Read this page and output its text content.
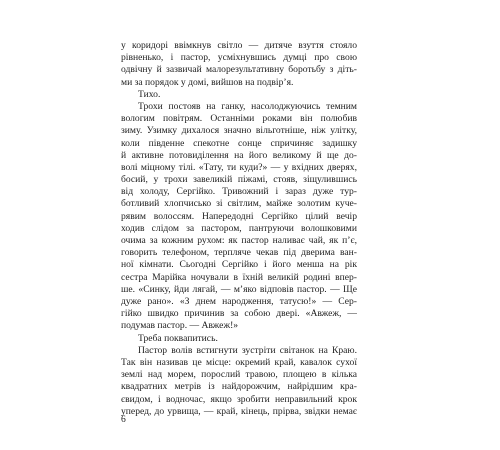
у коридорі ввімкнув світло — дитяче взуття стояло
рівненько, і пастор, усміхнувшись думці про свою
одвічну й зазвичай малорезультативну боротьбу з діть-
ми за порядок у домі, вийшов на подвір’я.
Тихо.
Трохи постояв на ганку, насолоджуючись темним
вологим повітрям. Останніми роками він полюбив
зиму. Узимку дихалося значно вільготніше, ніж улітку,
коли південне спекотне сонце спричиняє задишку
й активне потовиділення на його великому й ще до-
волі міцному тілі. «Тату, ти куди?» — у вхідних дверях,
босий, у трохи завеликій піжамі, стояв, зіщулившись
від холоду, Сергійко. Тривожний і зараз дуже тур-
ботливий хлопчисько зі світлим, майже золотим куче-
рявим волоссям. Напередодні Сергійко цілий вечір
ходив слідом за пастором, пантруючи волошковими
очима за кожним рухом: як пастор наливає чай, як п’є,
говорить телефоном, терпляче чекав під дверима ван-
ної кімнати. Сьогодні Сергійко і його менша на рік
сестра Марійка ночували в їхній великій родині впер-
ше. «Синку, йди лягай, — м’яко відповів пастор. — Ще
дуже рано». «З днем народження, татусю!» — Сер-
гійко швидко причинив за собою двері. «Авжеж, —
подумав пастор. — Авжеж!»
Треба поквапитись.
Пастор волів встигнути зустріти світанок на Краю.
Так він називав це місце: окремий край, кавалок сухої
землі над морем, порослий травою, площею в кілька
квадратних метрів із найдорожчим, найрідшим кра-
євидом, і водночас, якщо зробити неправильний крок
уперед, до урвища, — край, кінець, прірва, звідки немає
6
